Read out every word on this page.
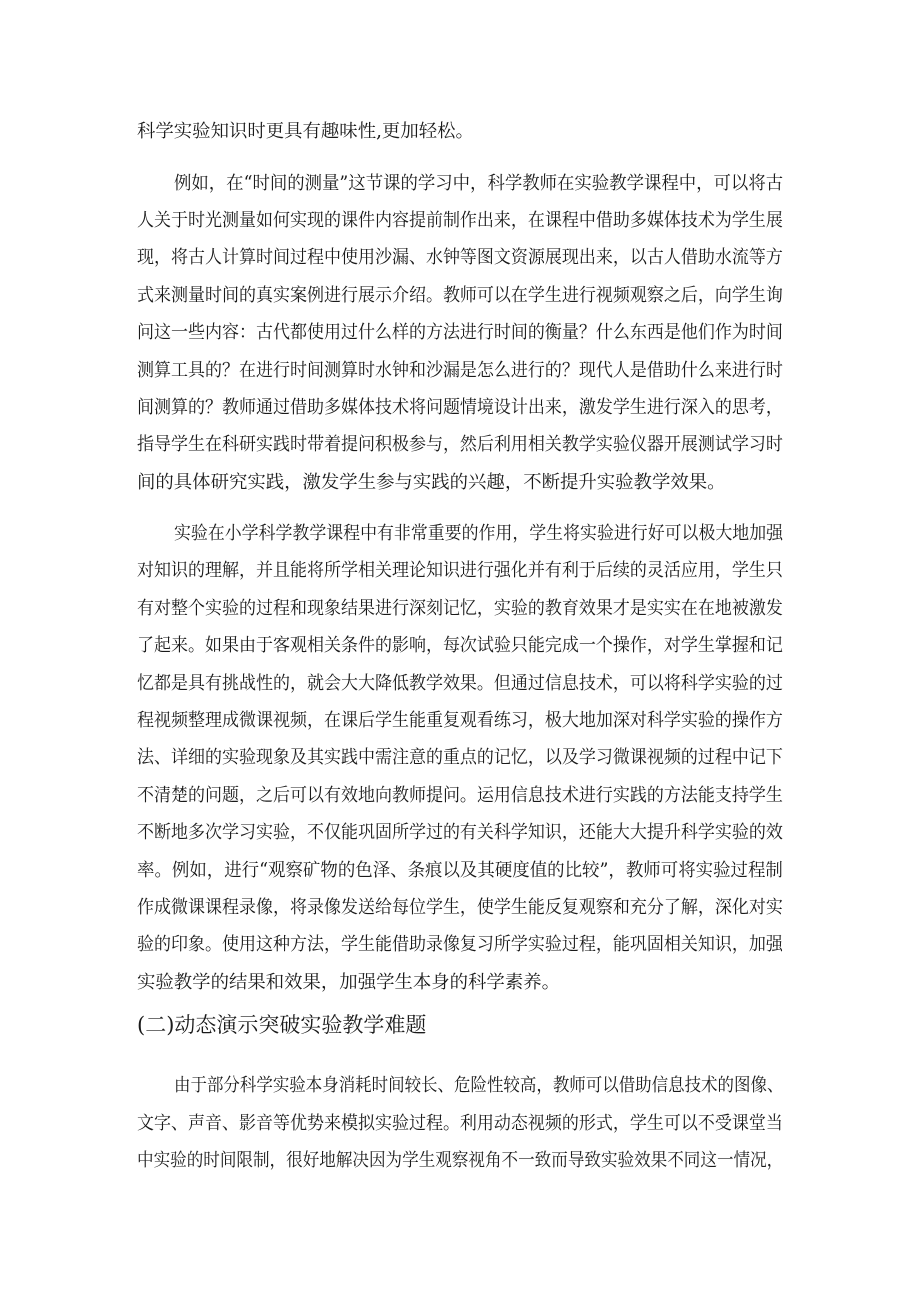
科学实验知识时更具有趣味性,更加轻松。
例如，在“时间的测量”这节课的学习中，科学教师在实验教学课程中，可以将古
人关于时光测量如何实现的课件内容提前制作出来，在课程中借助多媒体技术为学生展
现，将古人计算时间过程中使用沙漏、水钟等图文资源展现出来，以古人借助水流等方
式来测量时间的真实案例进行展示介绍。教师可以在学生进行视频观察之后，向学生询
问这一些内容：古代都使用过什么样的方法进行时间的衡量？什么东西是他们作为时间
测算工具的？在进行时间测算时水钟和沙漏是怎么进行的？现代人是借助什么来进行时
间测算的？教师通过借助多媒体技术将问题情境设计出来，激发学生进行深入的思考，
指导学生在科研实践时带着提问积极参与，然后利用相关教学实验仪器开展测试学习时
间的具体研究实践，激发学生参与实践的兴趣，不断提升实验教学效果。
实验在小学科学教学课程中有非常重要的作用，学生将实验进行好可以极大地加强
对知识的理解，并且能将所学相关理论知识进行强化并有利于后续的灵活应用，学生只
有对整个实验的过程和现象结果进行深刻记忆，实验的教育效果才是实实在在地被激发
了起来。如果由于客观相关条件的影响，每次试验只能完成一个操作，对学生掌握和记
忆都是具有挑战性的，就会大大降低教学效果。但通过信息技术，可以将科学实验的过
程视频整理成微课视频，在课后学生能重复观看练习，极大地加深对科学实验的操作方
法、详细的实验现象及其实践中需注意的重点的记忆，以及学习微课视频的过程中记下
不清楚的问题，之后可以有效地向教师提问。运用信息技术进行实践的方法能支持学生
不断地多次学习实验，不仅能巩固所学过的有关科学知识，还能大大提升科学实验的效
率。例如，进行“观察矿物的色泽、条痕以及其硬度值的比较”，教师可将实验过程制
作成微课课程录像，将录像发送给每位学生，使学生能反复观察和充分了解，深化对实
验的印象。使用这种方法，学生能借助录像复习所学实验过程，能巩固相关知识，加强
实验教学的结果和效果，加强学生本身的科学素养。
(二)动态演示突破实验教学难题
由于部分科学实验本身消耗时间较长、危险性较高，教师可以借助信息技术的图像、
文字、声音、影音等优势来模拟实验过程。利用动态视频的形式，学生可以不受课堂当
中实验的时间限制，很好地解决因为学生观察视角不一致而导致实验效果不同这一情况，
